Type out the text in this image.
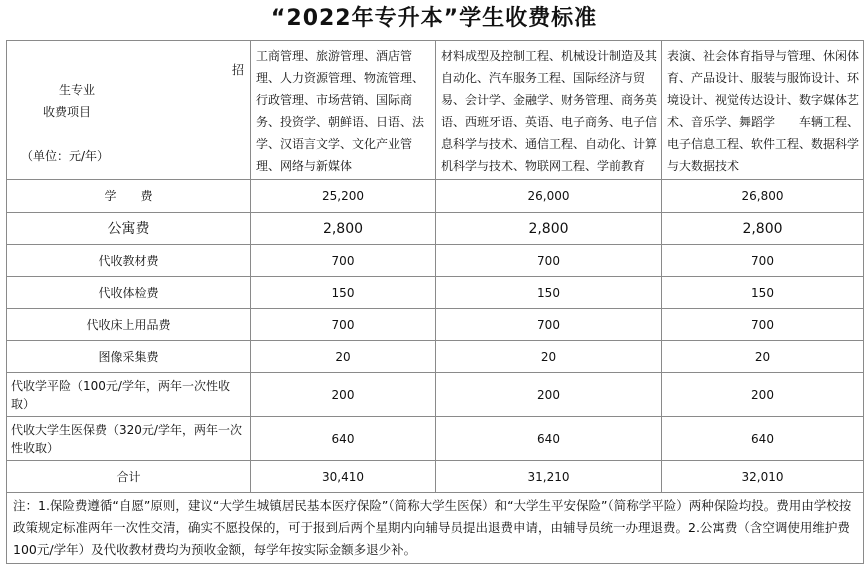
“2022年专升本”学生收费标准
招
生专业
收费项目
（单位：元/年）	工商管理、旅游管理、酒店管理、人力资源管理、物流管理、行政管理、市场营销、国际商务、投资学、朝鲜语、日语、法学、汉语言文学、文化产业管理、网络与新媒体	材料成型及控制工程、机械设计制造及其自动化、汽车服务工程、国际经济与贸易、会计学、金融学、财务管理、商务英语、西班牙语、英语、电子商务、电子信息科学与技术、通信工程、自动化、计算机科学与技术、物联网工程、学前教育	表演、社会体育指导与管理、休闲体育、产品设计、服装与服饰设计、环境设计、视觉传达设计、数字媒体艺术、音乐学、舞蹈学　　车辆工程、电子信息工程、软件工程、数据科学与大数据技术
学　　费	25,200	26,000	26,800
公寓费	2,800	2,800	2,800
代收教材费	700	700	700
代收体检费	150	150	150
代收床上用品费	700	700	700
图像采集费	20	20	20
代收学平险（100元/学年，两年一次性收取）	200	200	200
代收大学生医保费（320元/学年，两年一次性收取）	640	640	640
合计	30,410	31,210	32,010
注：1.保险费遵循“自愿”原则，建议“大学生城镇居民基本医疗保险”（简称大学生医保）和“大学生平安保险”（简称学平险）两种保险均投。费用由学校按政策规定标准两年一次性交清，确实不愿投保的，可于报到后两个星期内向辅导员提出退费申请，由辅导员统一办理退费。2.公寓费（含空调使用维护费100元/学年）及代收教材费均为预收金额，每学年按实际金额多退少补。			
